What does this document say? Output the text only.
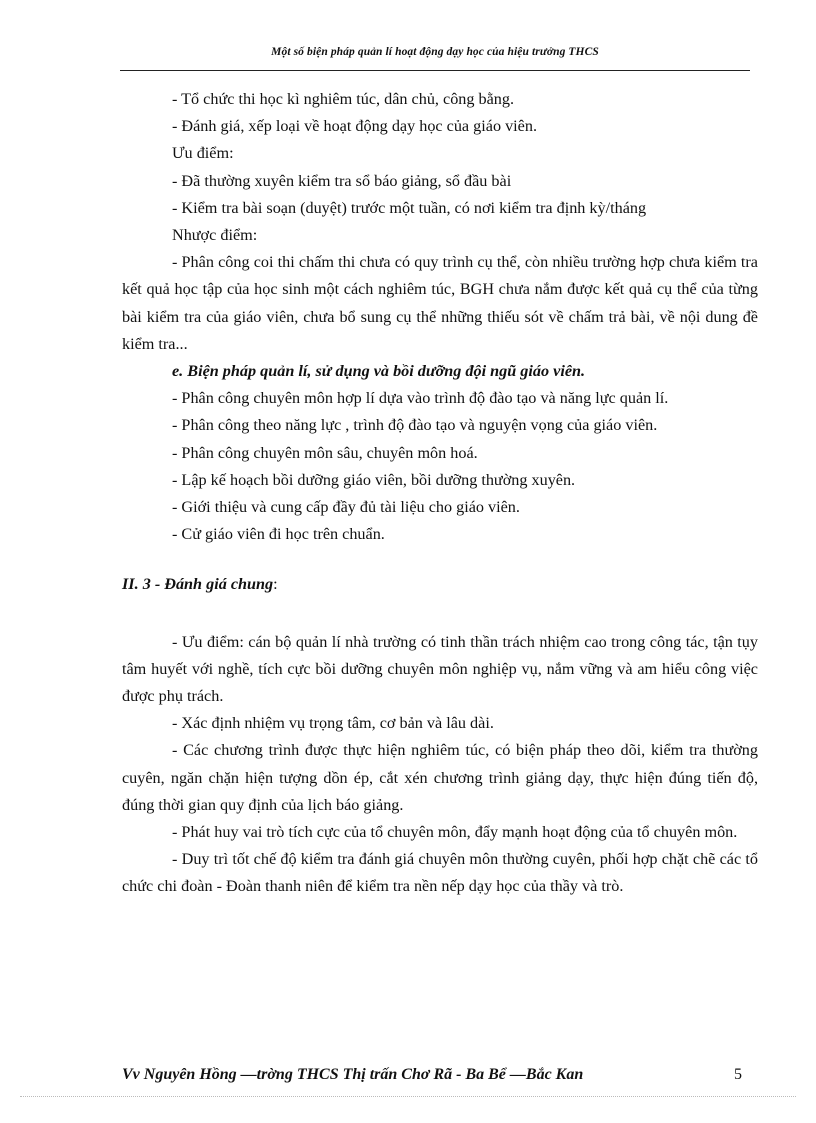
Một số biện pháp quản lí hoạt động dạy học của hiệu trưởng THCS

- Tổ chức thi học kì nghiêm túc, dân chủ, công bằng.

- Đánh giá, xếp loại về hoạt động dạy học của giáo viên.

Ưu điểm:

- Đã thường xuyên kiểm tra sổ báo giảng, sổ đầu bài

- Kiểm tra bài soạn (duyệt) trước một tuần, có nơi kiểm tra định kỳ/tháng

Nhược điểm:

- Phân công coi thi chấm thi chưa có quy trình cụ thể, còn nhiều trường hợp chưa kiểm tra kết quả học tập của học sinh một cách nghiêm túc, BGH chưa nắm được kết quả cụ thể của từng bài kiểm tra của giáo viên, chưa bổ sung cụ thể những thiếu sót về chấm trả bài, về nội dung đề kiểm tra...

e. Biện pháp quản lí, sử dụng và bồi dưỡng đội ngũ giáo viên.

- Phân công chuyên môn hợp lí dựa vào trình độ đào tạo và năng lực quản lí.

- Phân công theo năng lực , trình độ đào tạo và nguyện vọng của giáo viên.

- Phân công chuyên môn sâu, chuyên môn hoá.

- Lập kế hoạch bồi dưỡng giáo viên, bồi dưỡng thường xuyên.

- Giới thiệu và cung cấp đầy đủ tài liệu cho giáo viên.

- Cử giáo viên đi học trên chuẩn.

II. 3 - Đánh giá chung:

- Ưu điểm: cán bộ quản lí nhà trường có tinh thần trách nhiệm cao trong công tác, tận tụy tâm huyết với nghề, tích cực bồi dưỡng chuyên môn nghiệp vụ, nắm vững và am hiểu công việc được phụ trách.

- Xác định nhiệm vụ trọng tâm, cơ bản và lâu dài.

- Các chương trình được thực hiện nghiêm túc, có biện pháp theo dõi, kiểm tra thường cuyên, ngăn chặn hiện tượng dồn ép, cắt xén chương trình giảng dạy, thực hiện đúng tiến độ, đúng thời gian quy định của lịch báo giảng.

- Phát huy vai trò tích cực của tổ chuyên môn, đẩy mạnh hoạt động của tổ chuyên môn.

- Duy trì tốt chế độ kiểm tra đánh giá chuyên môn thường cuyên, phối hợp chặt chẽ các tổ chức chi đoàn - Đoàn thanh niên để kiểm tra nền nếp dạy học của thầy và trò.

Vv Nguyên Hồng —trờng THCS Thị trấn Chơ Rã - Ba Bể —Bắc Kan	5
